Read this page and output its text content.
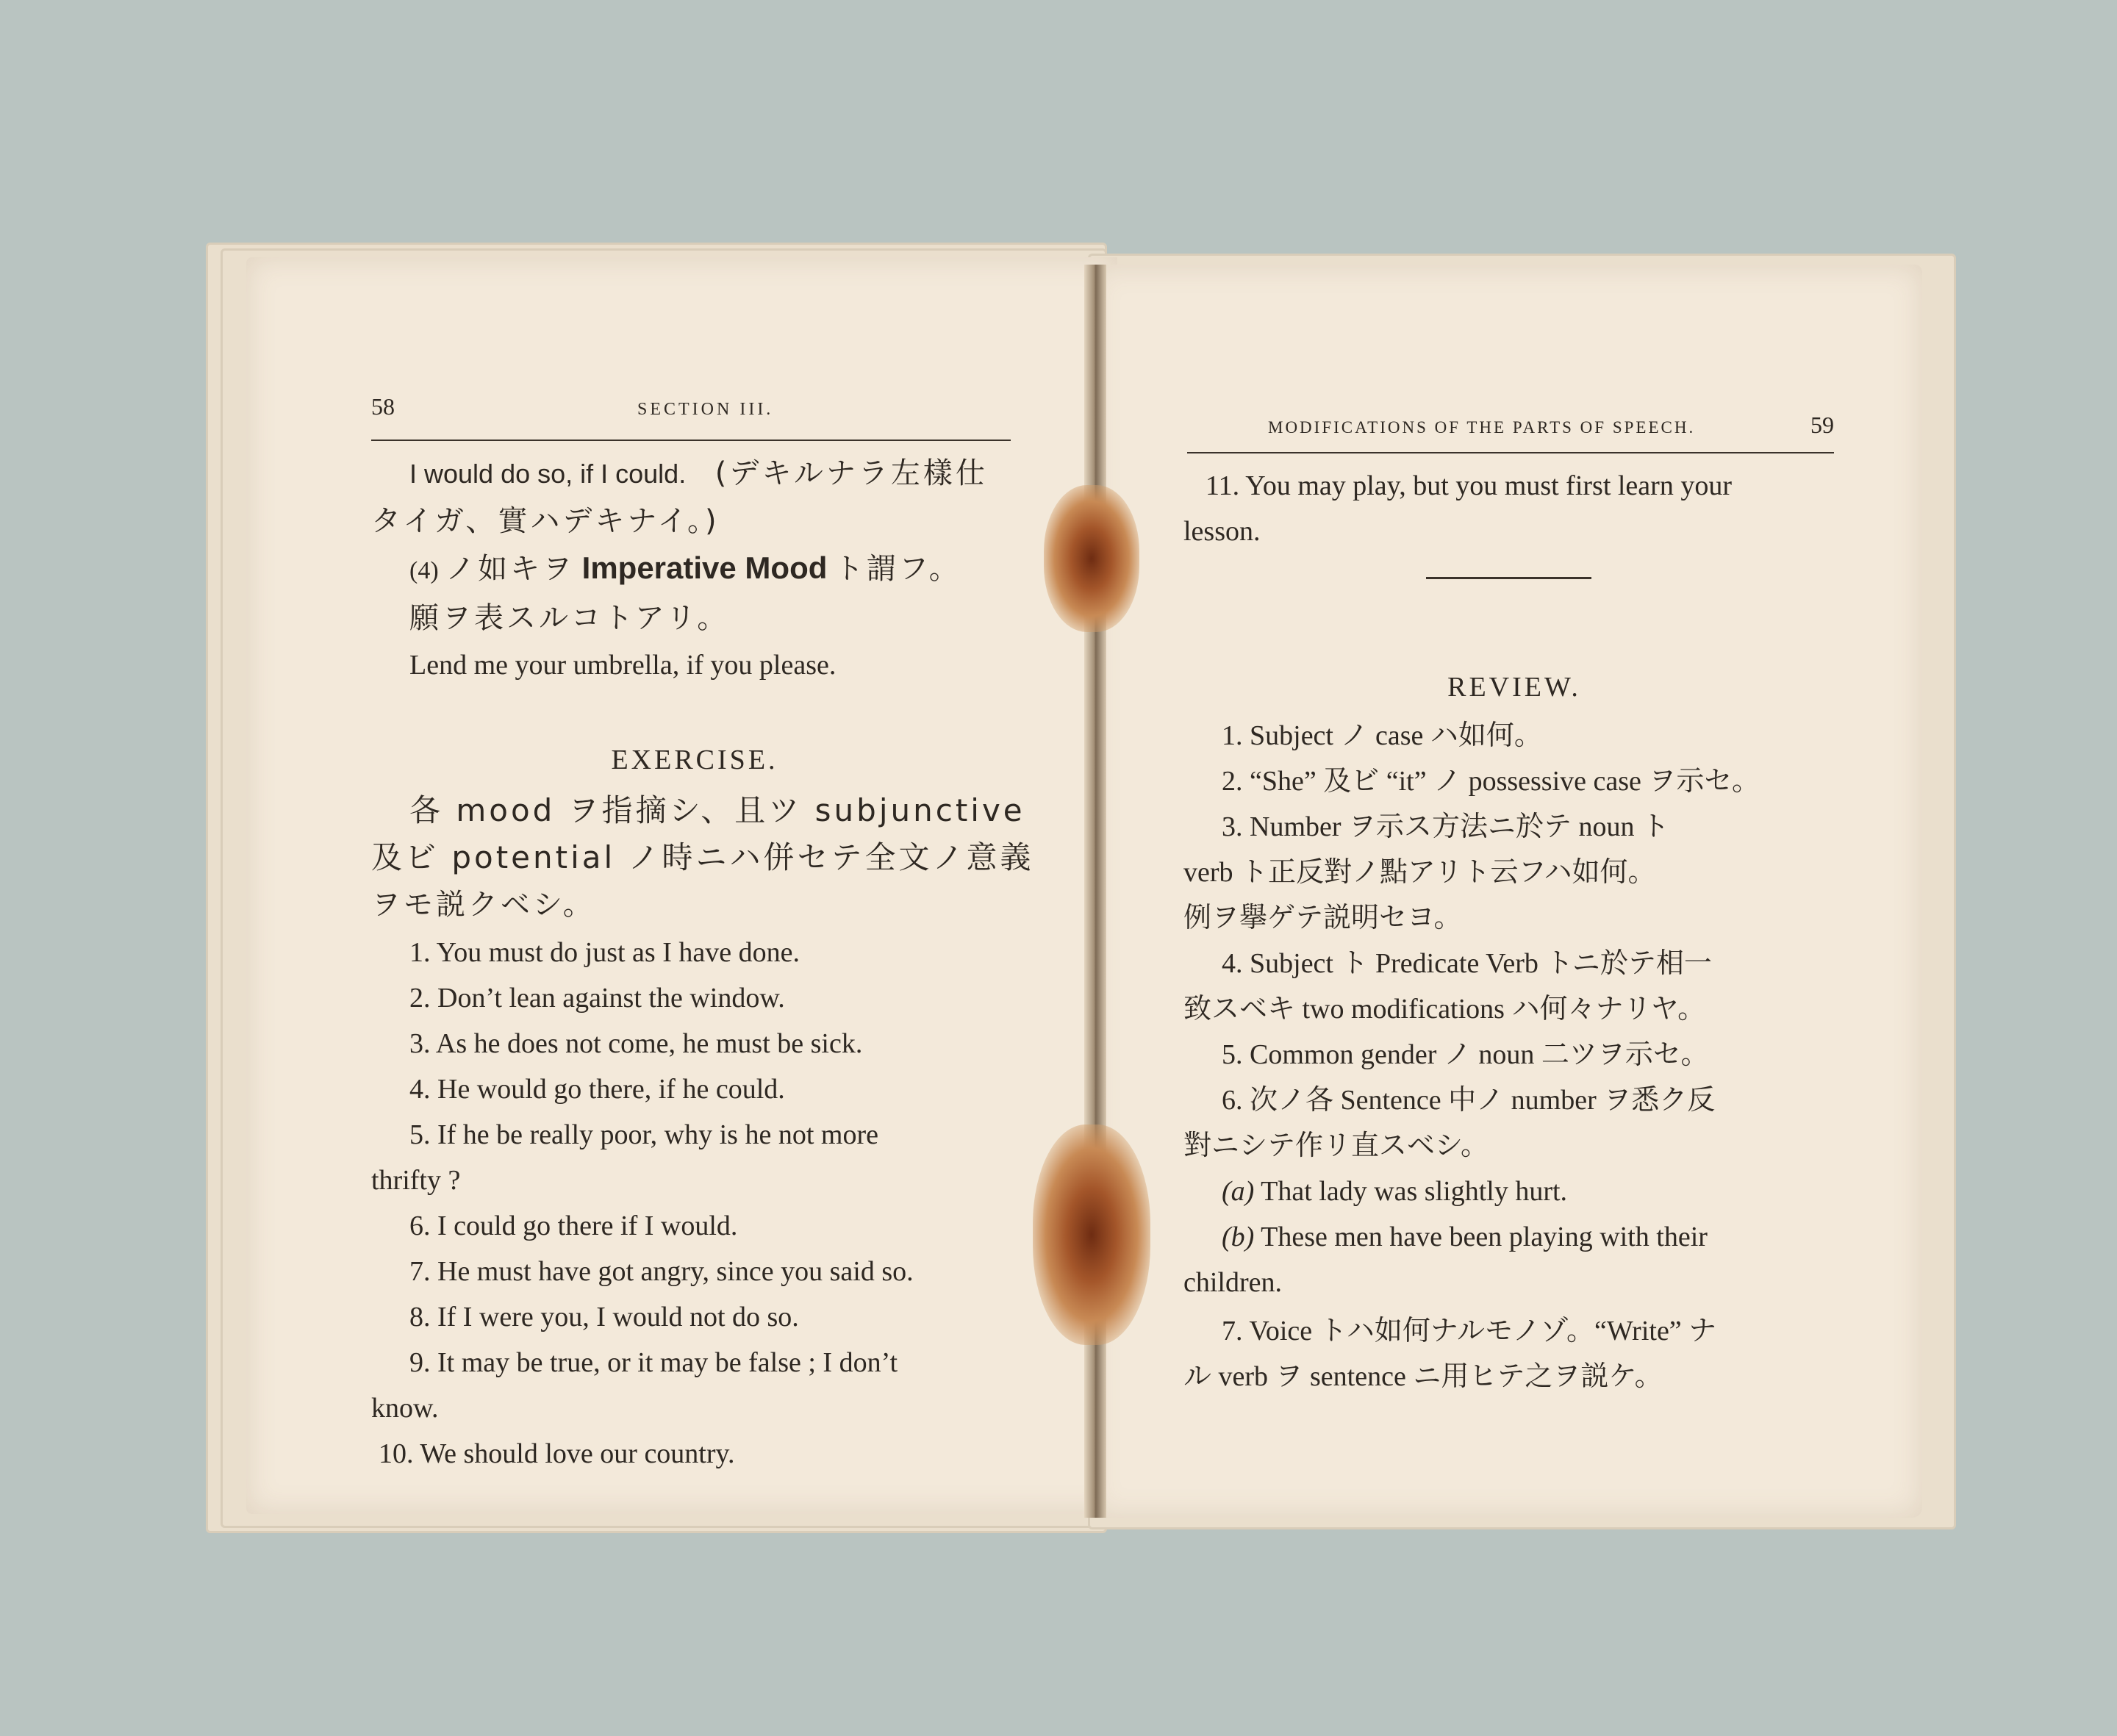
58	SECTION III.
I would do so, if I could. (デキルナラ左樣仕
タイガ、實ハデキナイ。)
(4) ノ如キヲ Imperative Mood ト謂フ。
願ヲ表スルコトアリ。
Lend me your umbrella, if you please.
EXERCISE.
各 mood ヲ指摘シ、且ツ subjunctive
及ビ potential ノ時ニハ併セテ全文ノ意義
ヲモ説クベシ。
1. You must do just as I have done.
2. Don’t lean against the window.
3. As he does not come, he must be sick.
4. He would go there, if he could.
5. If he be really poor, why is he not more
thrifty ?
6. I could go there if I would.
7. He must have got angry, since you said so.
8. If I were you, I would not do so.
9. It may be true, or it may be false ; I don’t
know.
10. We should love our country.
MODIFICATIONS OF THE PARTS OF SPEECH.	59
11. You may play, but you must first learn your
lesson.
REVIEW.
1. Subject ノ case ハ如何。
2. “She” 及ビ “it” ノ possessive case ヲ示セ。
3. Number ヲ示ス方法ニ於テ noun ト
verb ト正反對ノ點アリト云フハ如何。
例ヲ擧ゲテ説明セヨ。
4. Subject ト Predicate Verb トニ於テ相一
致スベキ two modifications ハ何々ナリヤ。
5. Common gender ノ noun 二ツヲ示セ。
6. 次ノ各 Sentence 中ノ number ヲ悉ク反
對ニシテ作リ直スベシ。
(a) That lady was slightly hurt.
(b) These men have been playing with their
children.
7. Voice トハ如何ナルモノゾ。“Write” ナ
ル verb ヲ sentence ニ用ヒテ之ヲ説ケ。
